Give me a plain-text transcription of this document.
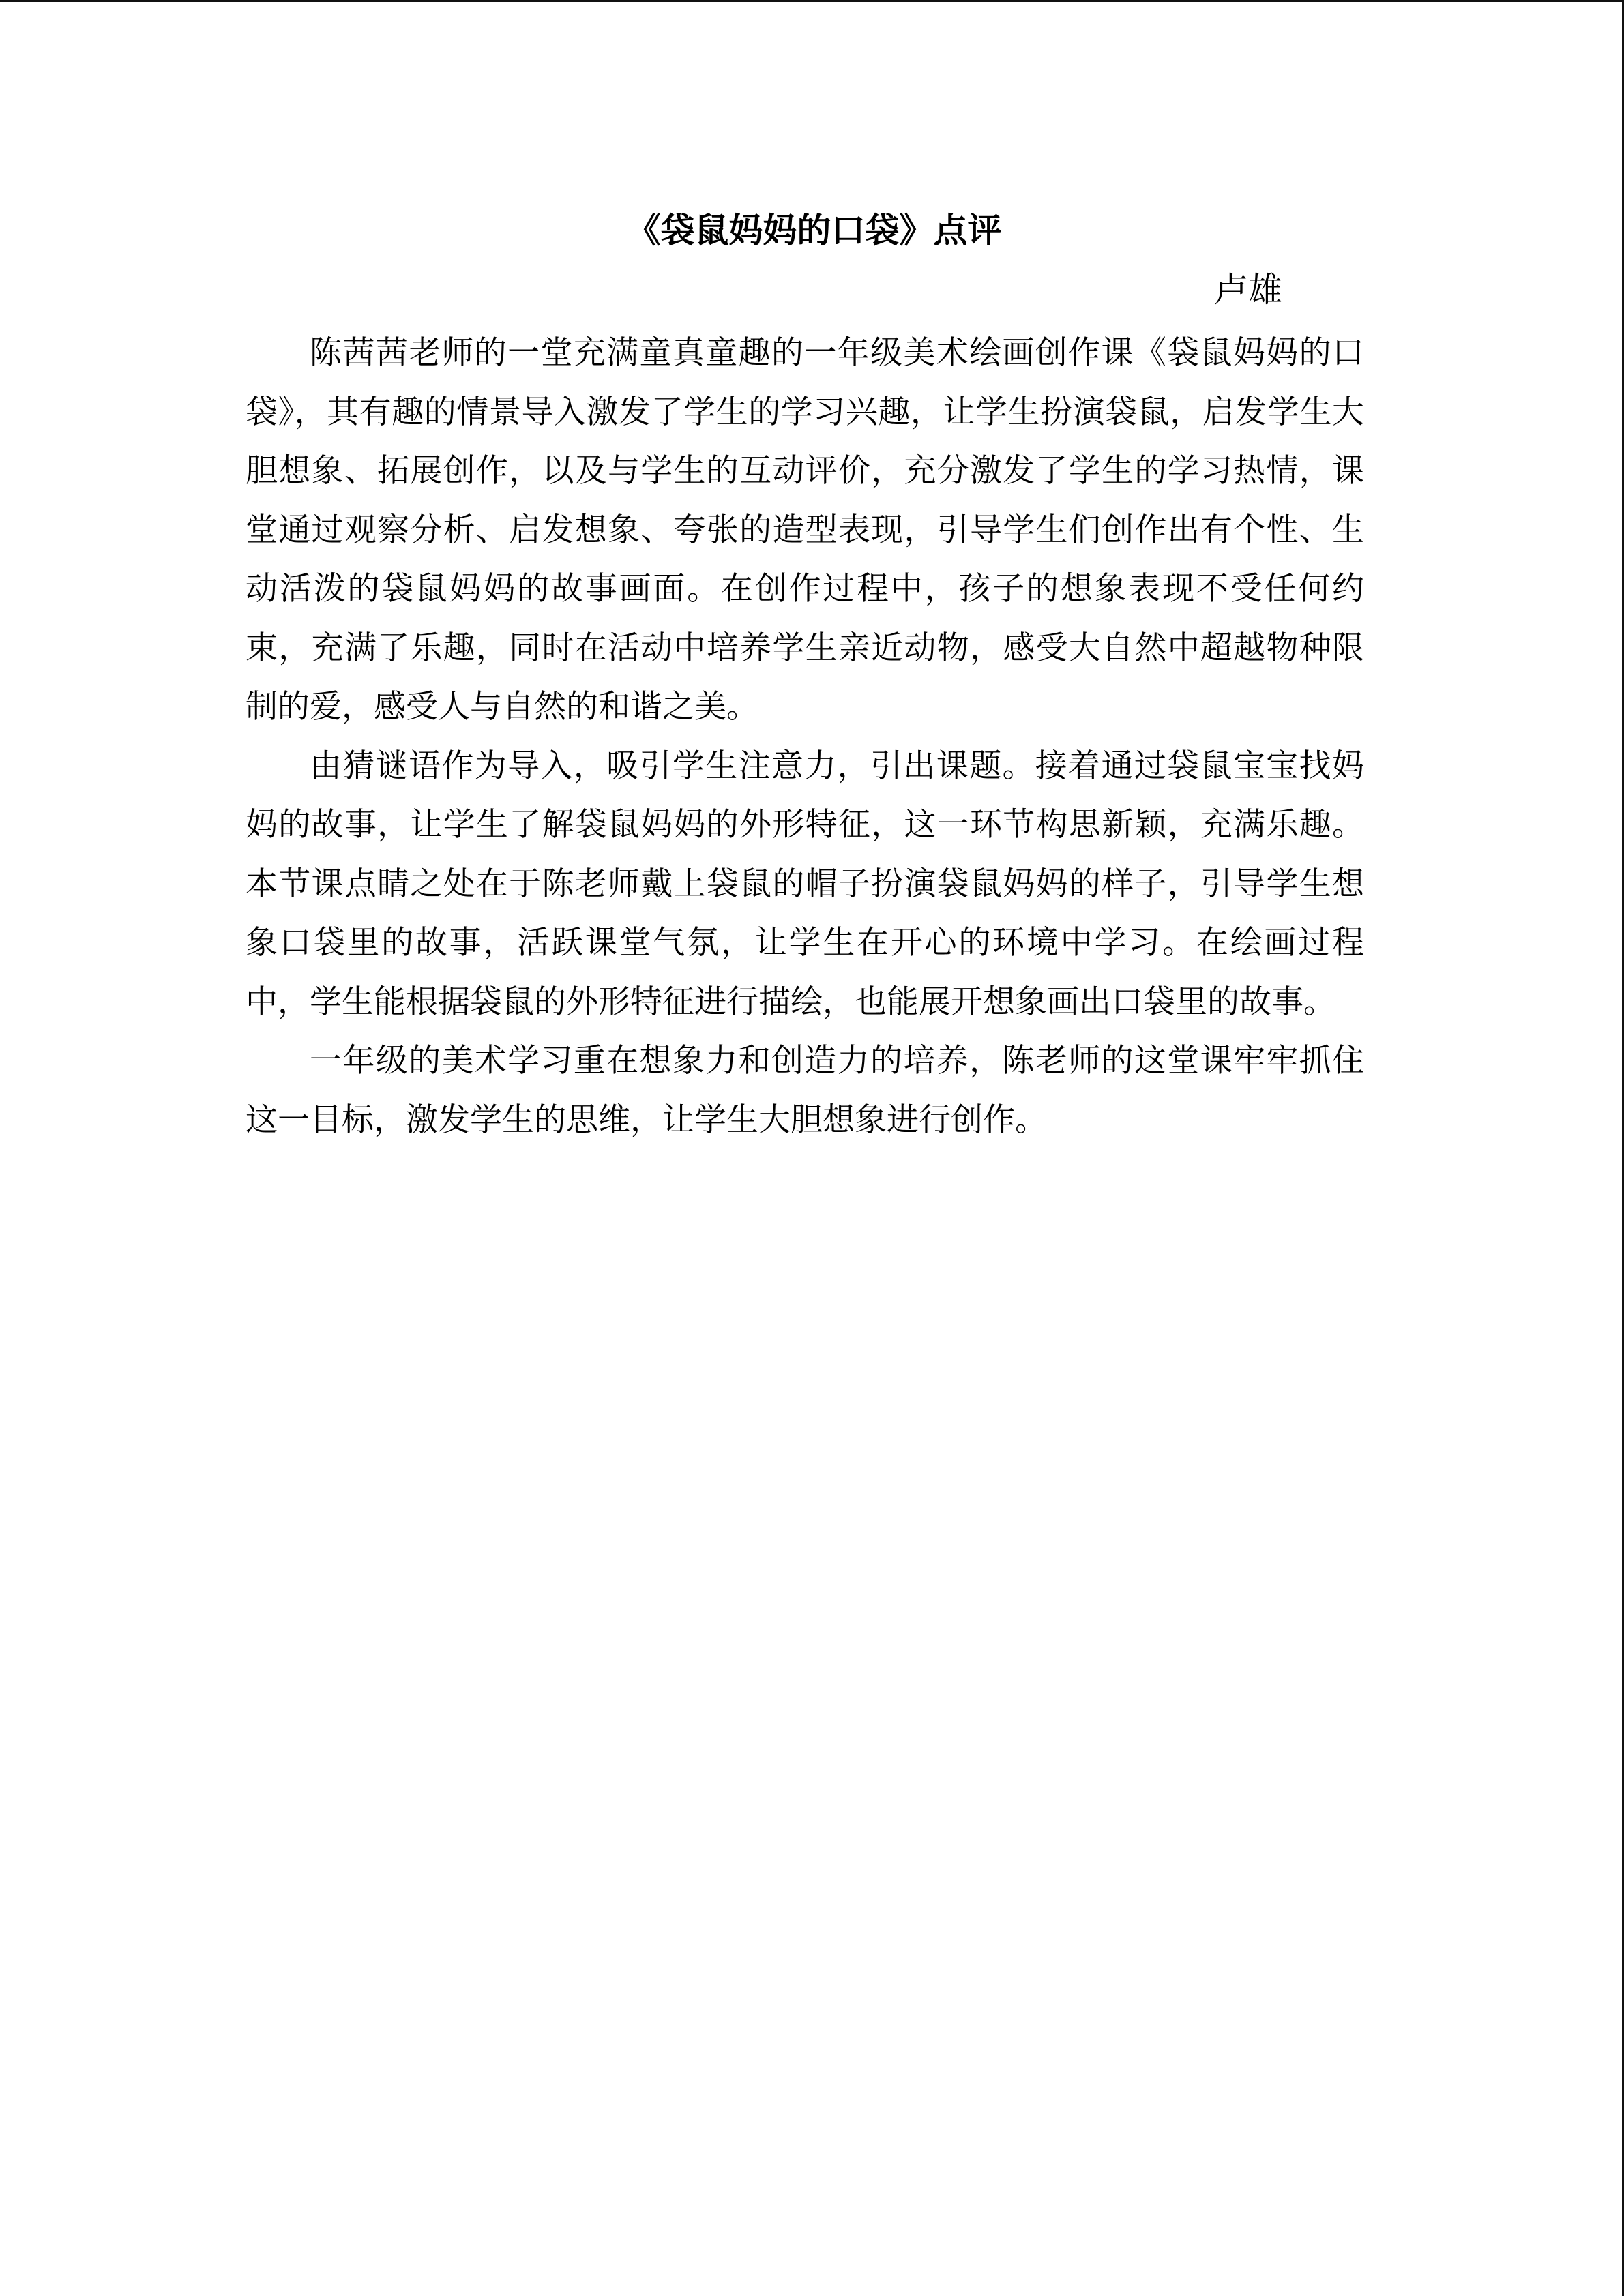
《袋鼠妈妈的口袋》点评
卢雄

陈茜茜老师的一堂充满童真童趣的一年级美术绘画创作课《袋鼠妈妈的口袋》，其有趣的情景导入激发了学生的学习兴趣，让学生扮演袋鼠，启发学生大胆想象、拓展创作，以及与学生的互动评价，充分激发了学生的学习热情，课堂通过观察分析、启发想象、夸张的造型表现，引导学生们创作出有个性、生动活泼的袋鼠妈妈的故事画面。在创作过程中，孩子的想象表现不受任何约束，充满了乐趣，同时在活动中培养学生亲近动物，感受大自然中超越物种限制的爱，感受人与自然的和谐之美。

由猜谜语作为导入，吸引学生注意力，引出课题。接着通过袋鼠宝宝找妈妈的故事，让学生了解袋鼠妈妈的外形特征，这一环节构思新颖，充满乐趣。本节课点睛之处在于陈老师戴上袋鼠的帽子扮演袋鼠妈妈的样子，引导学生想象口袋里的故事，活跃课堂气氛，让学生在开心的环境中学习。在绘画过程中，学生能根据袋鼠的外形特征进行描绘，也能展开想象画出口袋里的故事。

一年级的美术学习重在想象力和创造力的培养，陈老师的这堂课牢牢抓住这一目标，激发学生的思维，让学生大胆想象进行创作。
